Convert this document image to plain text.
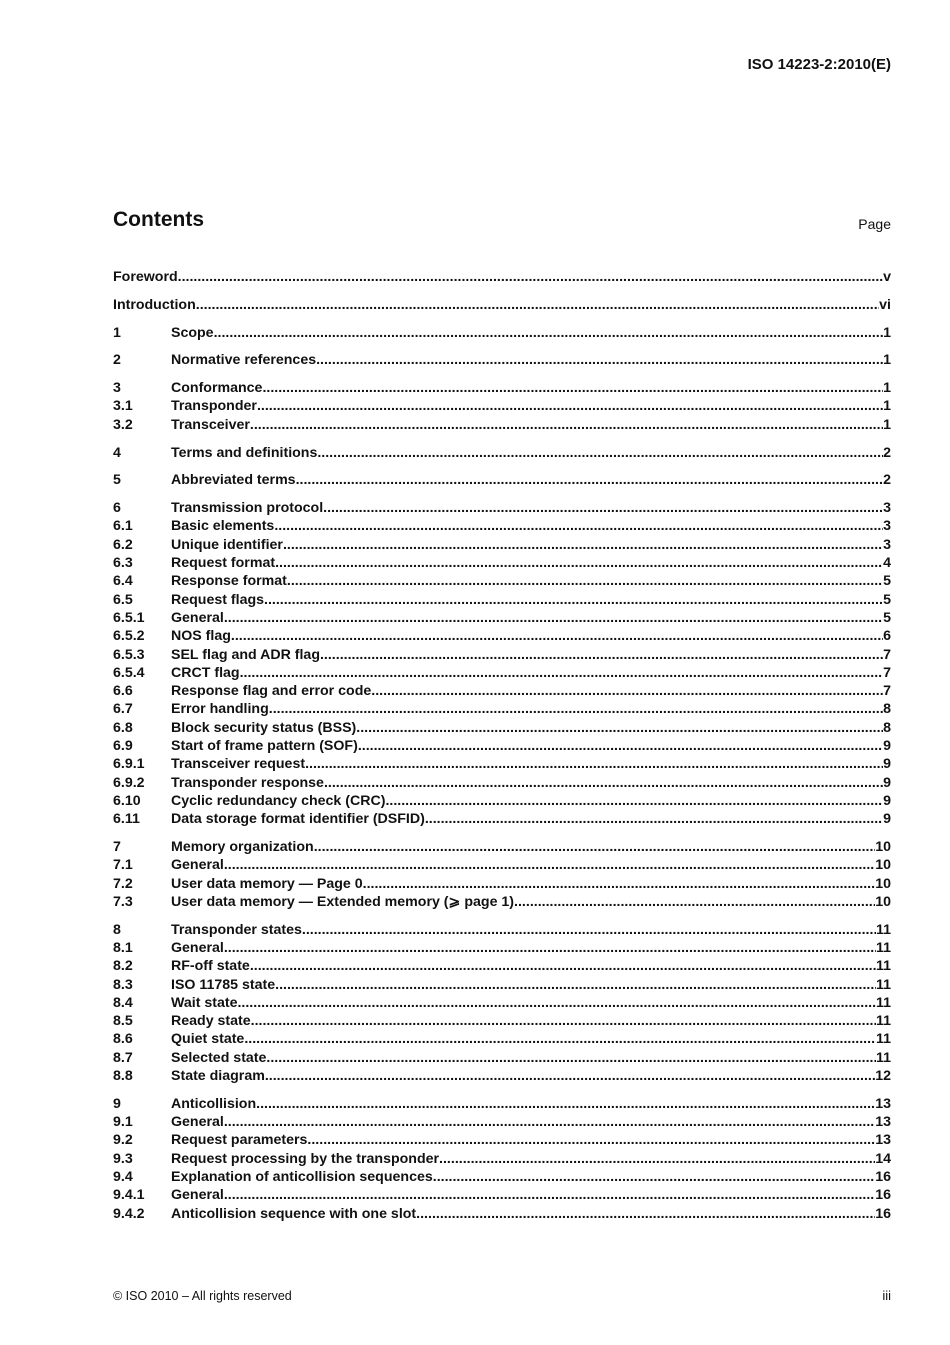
ISO 14223-2:2010(E)
Contents	Page
Foreword .....	v
Introduction .....	vi
1	Scope .....	1
2	Normative references .....	1
3	Conformance .....	1
3.1	Transponder .....	1
3.2	Transceiver .....	1
4	Terms and definitions .....	2
5	Abbreviated terms .....	2
6	Transmission protocol .....	3
6.1	Basic elements .....	3
6.2	Unique identifier .....	3
6.3	Request format .....	4
6.4	Response format .....	5
6.5	Request flags .....	5
6.5.1	General .....	5
6.5.2	NOS flag .....	6
6.5.3	SEL flag and ADR flag .....	7
6.5.4	CRCT flag .....	7
6.6	Response flag and error code .....	7
6.7	Error handling .....	8
6.8	Block security status (BSS) .....	8
6.9	Start of frame pattern (SOF) .....	9
6.9.1	Transceiver request .....	9
6.9.2	Transponder response .....	9
6.10	Cyclic redundancy check (CRC) .....	9
6.11	Data storage format identifier (DSFID) .....	9
7	Memory organization .....	10
7.1	General .....	10
7.2	User data memory — Page 0 .....	10
7.3	User data memory — Extended memory (⩾ page 1) .....	10
8	Transponder states .....	11
8.1	General .....	11
8.2	RF-off state .....	11
8.3	ISO 11785 state .....	11
8.4	Wait state .....	11
8.5	Ready state .....	11
8.6	Quiet state .....	11
8.7	Selected state .....	11
8.8	State diagram .....	12
9	Anticollision .....	13
9.1	General .....	13
9.2	Request parameters .....	13
9.3	Request processing by the transponder .....	14
9.4	Explanation of anticollision sequences .....	16
9.4.1	General .....	16
9.4.2	Anticollision sequence with one slot .....	16
© ISO 2010 – All rights reserved	iii
